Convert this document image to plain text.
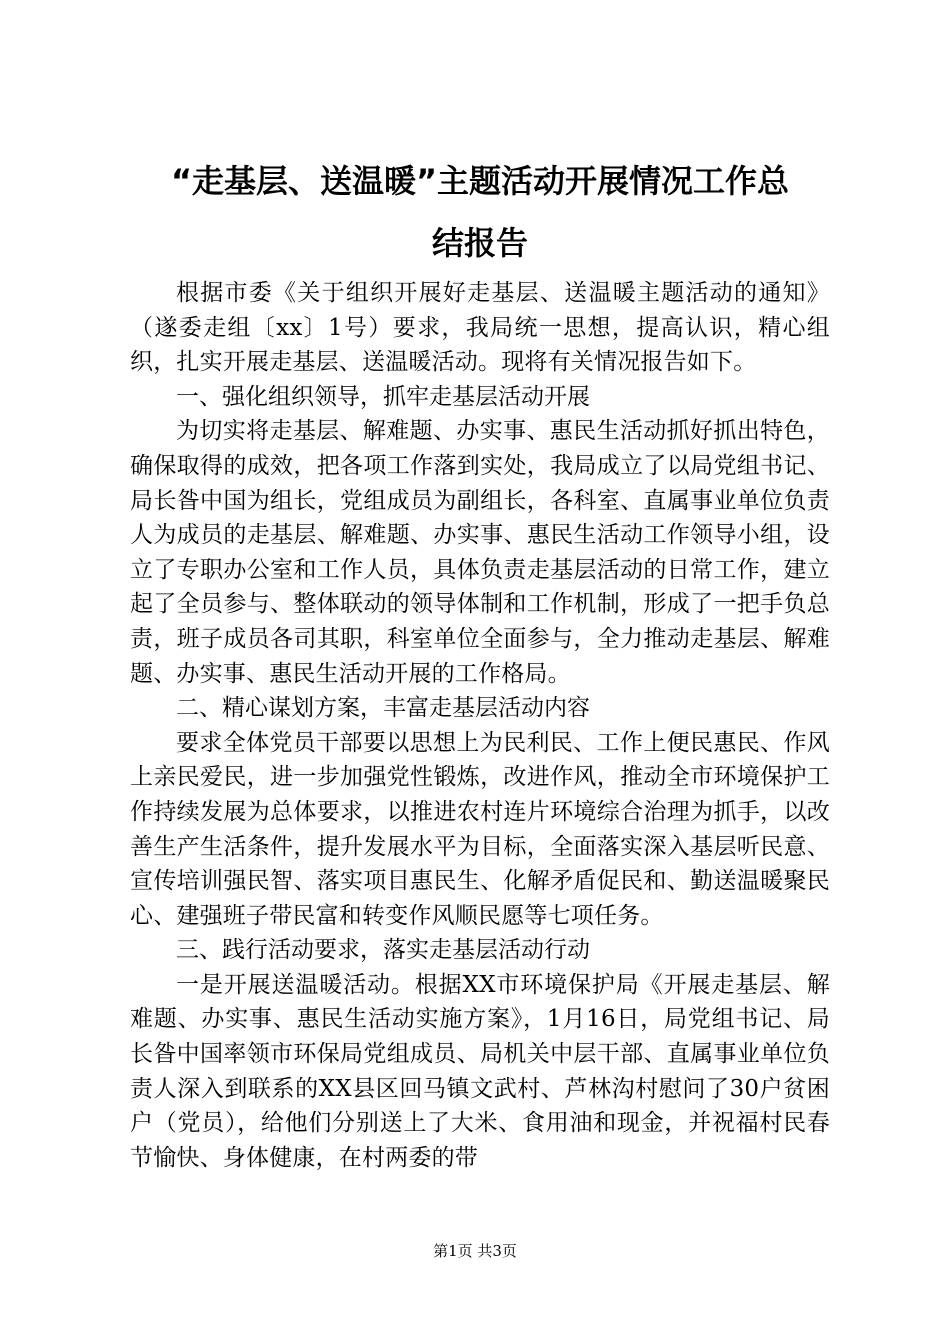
“走基层、送温暖”主题活动开展情况工作总
结报告

根据市委《关于组织开展好走基层、送温暖主题活动的通知》（遂委走组〔xx〕1号）要求，我局统一思想，提高认识，精心组织，扎实开展走基层、送温暖活动。现将有关情况报告如下。

一、强化组织领导，抓牢走基层活动开展

为切实将走基层、解难题、办实事、惠民生活动抓好抓出特色，确保取得的成效，把各项工作落到实处，我局成立了以局党组书记、局长昝中国为组长，党组成员为副组长，各科室、直属事业单位负责人为成员的走基层、解难题、办实事、惠民生活动工作领导小组，设立了专职办公室和工作人员，具体负责走基层活动的日常工作，建立起了全员参与、整体联动的领导体制和工作机制，形成了一把手负总责，班子成员各司其职，科室单位全面参与，全力推动走基层、解难题、办实事、惠民生活动开展的工作格局。

二、精心谋划方案，丰富走基层活动内容

要求全体党员干部要以思想上为民利民、工作上便民惠民、作风上亲民爱民，进一步加强党性锻炼，改进作风，推动全市环境保护工作持续发展为总体要求，以推进农村连片环境综合治理为抓手，以改善生产生活条件，提升发展水平为目标，全面落实深入基层听民意、宣传培训强民智、落实项目惠民生、化解矛盾促民和、勤送温暖聚民心、建强班子带民富和转变作风顺民愿等七项任务。

三、践行活动要求，落实走基层活动行动

一是开展送温暖活动。根据XX市环境保护局《开展走基层、解难题、办实事、惠民生活动实施方案》，1月16日，局党组书记、局长昝中国率领市环保局党组成员、局机关中层干部、直属事业单位负责人深入到联系的XX县区回马镇文武村、芦林沟村慰问了30户贫困户（党员），给他们分别送上了大米、食用油和现金，并祝福村民春节愉快、身体健康，在村两委的带

第1页 共3页
